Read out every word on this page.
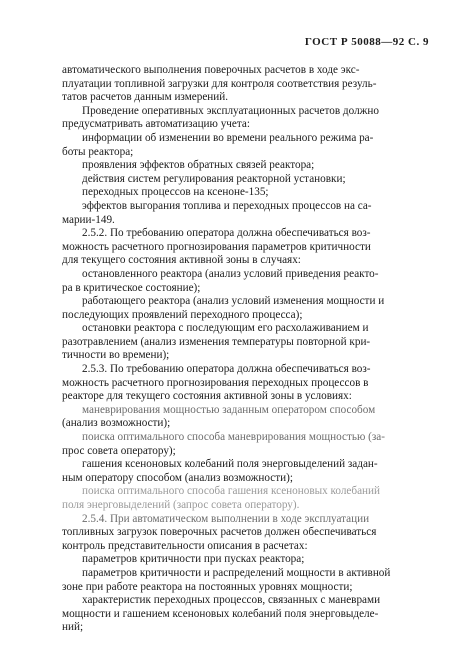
ГОСТ Р 50088—92 С. 9
автоматического выполнения поверочных расчетов в ходе экс-
плуатации топливной загрузки для контроля соответствия резуль-
татов расчетов данным измерений.
Проведение оперативных эксплуатационных расчетов должно
предусматривать автоматизацию учета:
информации об изменении во времени реального режима ра-
боты реактора;
проявления эффектов обратных связей реактора;
действия систем регулирования реакторной установки;
переходных процессов на ксеноне-135;
эффектов выгорания топлива и переходных процессов на са-
марии-149.
2.5.2. По требованию оператора должна обеспечиваться воз-
можность расчетного прогнозирования параметров критичности
для текущего состояния активной зоны в случаях:
остановленного реактора (анализ условий приведения реакто-
ра в критическое состояние);
работающего реактора (анализ условий изменения мощности и
последующих проявлений переходного процесса);
остановки реактора с последующим его расхолаживанием и
разотравлением (анализ изменения температуры повторной кри-
тичности во времени);
2.5.3. По требованию оператора должна обеспечиваться воз-
можность расчетного прогнозирования переходных процессов в
реакторе для текущего состояния активной зоны в условиях:
маневрирования мощностью заданным оператором способом
(анализ возможности);
поиска оптимального способа маневрирования мощностью (за-
прос совета оператору);
гашения ксеноновых колебаний поля энерговыделений задан-
ным оператору способом (анализ возможности);
поиска оптимального способа гашения ксеноновых колебаний
поля энерговыделений (запрос совета оператору).
2.5.4. При автоматическом выполнении в ходе эксплуатации
топливных загрузок поверочных расчетов должен обеспечиваться
контроль представительности описания в расчетах:
параметров критичности при пусках реактора;
параметров критичности и распределений мощности в активной
зоне при работе реактора на постоянных уровнях мощности;
характеристик переходных процессов, связанных с маневрами
мощности и гашением ксеноновых колебаний поля энерговыделе-
ний;
